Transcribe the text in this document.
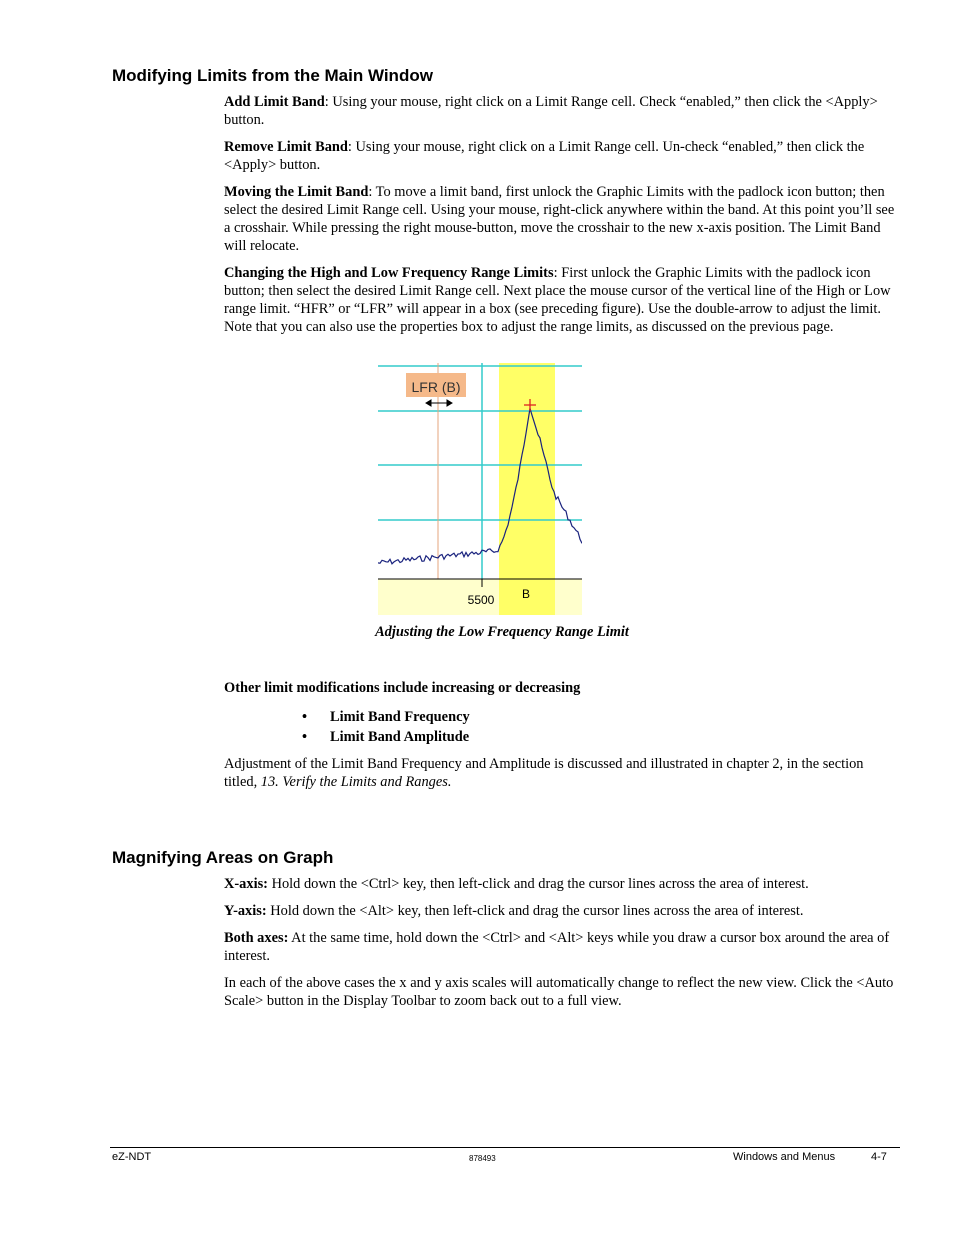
Modifying Limits from the Main Window

Add Limit Band: Using your mouse, right click on a Limit Range cell. Check “enabled,” then click the <Apply> button.

Remove Limit Band: Using your mouse, right click on a Limit Range cell. Un-check “enabled,” then click the <Apply> button.

Moving the Limit Band: To move a limit band, first unlock the Graphic Limits with the padlock icon button; then select the desired Limit Range cell. Using your mouse, right-click anywhere within the band. At this point you’ll see a crosshair. While pressing the right mouse-button, move the crosshair to the new x-axis position. The Limit Band will relocate.

Changing the High and Low Frequency Range Limits: First unlock the Graphic Limits with the padlock icon button; then select the desired Limit Range cell. Next place the mouse cursor of the vertical line of the High or Low range limit. “HFR” or “LFR” will appear in a box (see preceding figure). Use the double-arrow to adjust the limit. Note that you can also use the properties box to adjust the range limits, as discussed on the previous page.

LFR (B)
5500 B
Adjusting the Low Frequency Range Limit

Other limit modifications include increasing or decreasing

• Limit Band Frequency
• Limit Band Amplitude

Adjustment of the Limit Band Frequency and Amplitude is discussed and illustrated in chapter 2, in the section titled, 13. Verify the Limits and Ranges.

Magnifying Areas on Graph

X-axis: Hold down the <Ctrl> key, then left-click and drag the cursor lines across the area of interest.

Y-axis: Hold down the <Alt> key, then left-click and drag the cursor lines across the area of interest.

Both axes: At the same time, hold down the <Ctrl> and <Alt> keys while you draw a cursor box around the area of interest.

In each of the above cases the x and y axis scales will automatically change to reflect the new view. Click the <Auto Scale> button in the Display Toolbar to zoom back out to a full view.

eZ-NDT	878493	Windows and Menus	4-7
